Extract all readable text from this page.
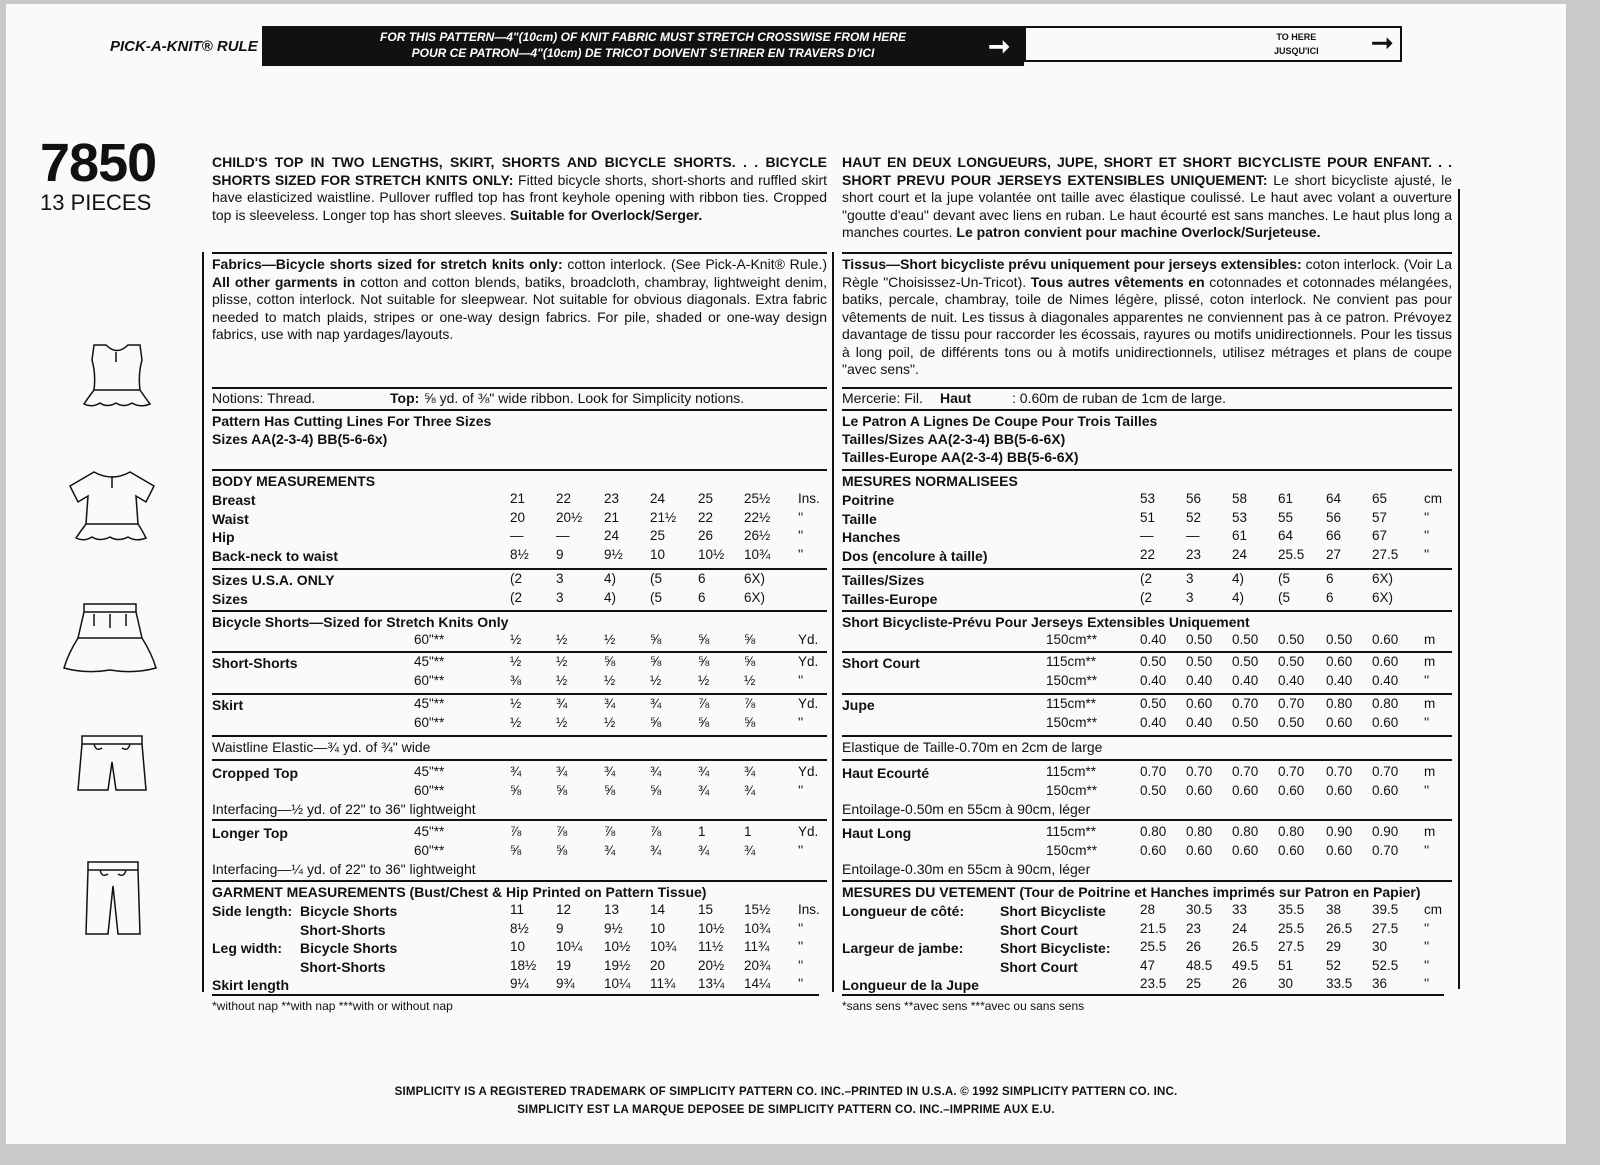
PICK-A-KNIT® RULE
FOR THIS PATTERN—4"(10cm) OF KNIT FABRIC MUST STRETCH CROSSWISE FROM HERE
POUR CE PATRON—4"(10cm) DE TRICOT DOIVENT S'ETIRER EN TRAVERS D'ICI	➞	TO HERE
JUSQU'ICI ➞
7850
13 PIECES
SIMPLICITY IS A REGISTERED TRADEMARK OF SIMPLICITY PATTERN CO. INC.–PRINTED IN U.S.A. © 1992 SIMPLICITY PATTERN CO. INC.
SIMPLICITY EST LA MARQUE DEPOSEE DE SIMPLICITY PATTERN CO. INC.–IMPRIME AUX E.U.
CHILD'S TOP IN TWO LENGTHS, SKIRT, SHORTS AND BICYCLE SHORTS. . . BICYCLE SHORTS SIZED FOR STRETCH KNITS ONLY: Fitted bicycle shorts, short-shorts and ruffled skirt have elasticized waistline. Pullover ruffled top has front keyhole opening with ribbon ties. Cropped top is sleeveless. Longer top has short sleeves. Suitable for Overlock/Serger.
Fabrics—Bicycle shorts sized for stretch knits only: cotton interlock. (See Pick-A-Knit® Rule.) All other garments in cotton and cotton blends, batiks, broadcloth, chambray, lightweight denim, plisse, cotton interlock. Not suitable for sleepwear. Not suitable for obvious diagonals. Extra fabric needed to match plaids, stripes or one-way design fabrics. For pile, shaded or one-way design fabrics, use with nap yardages/layouts.
Notions: Thread.	Top: ⅝ yd. of ⅜" wide ribbon. Look for Simplicity notions.
Pattern Has Cutting Lines For Three Sizes
Sizes AA(2-3-4) BB(5-6-6x)
BODY MEASUREMENTS
Breast	21 22 23 24 25 25½ Ins.
Waist	20 20½ 21 21½ 22 22½ ''
Hip	— —	24 25 26 26½ ''
Back-neck to waist	8½ 9	9½ 10 10½ 10¾ ''
Sizes U.S.A. ONLY	(2	3	4)	(5	6	6X)
Sizes	(2	3	4)	(5	6	6X)
Bicycle Shorts—Sized for Stretch Knits Only
60"**	½	½	½	⅝	⅝	⅝	Yd.
Short-Shorts	45"**	½	½	⅝	⅝	⅝	⅝	Yd.
60"**	⅜	½	½	½	½	½	''
Skirt	45"**	½	¾	¾	¾	⅞	⅞	Yd.
60"**	½	½	½	⅝	⅝	⅝	''
Waistline Elastic—¾ yd. of ¾" wide
Cropped Top	45"**	¾	¾	¾	¾	¾	¾	Yd.
60"**	⅝	⅝	⅝	⅝	¾	¾	''
Interfacing—½ yd. of 22" to 36" lightweight
Longer Top	45"**	⅞	⅞	⅞	⅞	1	1	Yd.
60"**	⅝	⅝	¾	¾	¾	¾	''
Interfacing—¼ yd. of 22" to 36" lightweight
GARMENT MEASUREMENTS (Bust/Chest & Hip Printed on Pattern Tissue)
Side length: Bicycle Shorts	11 12 13 14 15 15½ Ins.
Short-Shorts	8½ 9	9½ 10 10½ 10¾ ''
Leg width: Bicycle Shorts	10 10¼ 10½ 10¾ 11½ 11¾ ''
Short-Shorts	18½ 19 19½ 20 20½ 20¾ ''
Skirt length	9¼ 9¾ 10¼ 11¾ 13¼ 14¼ ''
*without nap **with nap ***with or without nap
HAUT EN DEUX LONGUEURS, JUPE, SHORT ET SHORT BICYCLISTE POUR ENFANT. . . SHORT PREVU POUR JERSEYS EXTENSIBLES UNIQUEMENT: Le short bicycliste ajusté, le short court et la jupe volantée ont taille avec élastique coulissé. Le haut avec volant a ouverture "goutte d'eau" devant avec liens en ruban. Le haut écourté est sans manches. Le haut plus long a manches courtes. Le patron convient pour machine Overlock/Surjeteuse.
Tissus—Short bicycliste prévu uniquement pour jerseys extensibles: coton interlock. (Voir La Règle "Choisissez-Un-Tricot). Tous autres vêtements en cotonnades et cotonnades mélangées, batiks, percale, chambray, toile de Nimes légère, plissé, coton interlock. Ne convient pas pour vêtements de nuit. Les tissus à diagonales apparentes ne conviennent pas à ce patron. Prévoyez davantage de tissu pour raccorder les écossais, rayures ou motifs unidirectionnels. Pour les tissus à long poil, de différents tons ou à motifs unidirectionnels, utilisez métrages et plans de coupe "avec sens".
Mercerie: Fil. Haut	: 0.60m de ruban de 1cm de large.
Le Patron A Lignes De Coupe Pour Trois Tailles
Tailles/Sizes AA(2-3-4) BB(5-6-6X)
Tailles-Europe AA(2-3-4) BB(5-6-6X)
MESURES NORMALISEES
Poitrine	53 56 58 61 64 65	cm
Taille	51 52 53 55 56 57	''
Hanches	— — 61 64 66 67	''
Dos (encolure à taille)	22 23 24 25.5 27 27.5 ''
Tailles/Sizes	(2	3	4)	(5	6	6X)
Tailles-Europe	(2	3	4)	(5	6	6X)
Short Bicycliste-Prévu Pour Jerseys Extensibles Uniquement
150cm**	0.40 0.50 0.50 0.50 0.50 0.60 m
Short Court	115cm**	0.50 0.50 0.50 0.50 0.60 0.60 m
150cm**	0.40 0.40 0.40 0.40 0.40 0.40 ''
Jupe	115cm**	0.50 0.60 0.70 0.70 0.80 0.80 m
150cm**	0.40 0.40 0.50 0.50 0.60 0.60 ''
Elastique de Taille-0.70m en 2cm de large
Haut Ecourté	115cm**	0.70 0.70 0.70 0.70 0.70 0.70 m
150cm**	0.50 0.60 0.60 0.60 0.60 0.60 ''
Entoilage-0.50m en 55cm à 90cm, léger
Haut Long	115cm**	0.80 0.80 0.80 0.80 0.90 0.90 m
150cm**	0.60 0.60 0.60 0.60 0.60 0.70 ''
Entoilage-0.30m en 55cm à 90cm, léger
MESURES DU VETEMENT (Tour de Poitrine et Hanches imprimés sur Patron en Papier)
Longueur de côté:	Short Bicycliste	28 30.5 33 35.5 38 39.5 cm
Short Court	21.5 23 24 25.5 26.5 27.5 ''
Largeur de jambe:	Short Bicycliste: 25.5 26 26.5 27.5 29 30	''
Short Court	47 48.5 49.5 51 52 52.5 ''
Longueur de la Jupe	23.5 25 26 30 33.5 36	''
*sans sens **avec sens ***avec ou sans sens
